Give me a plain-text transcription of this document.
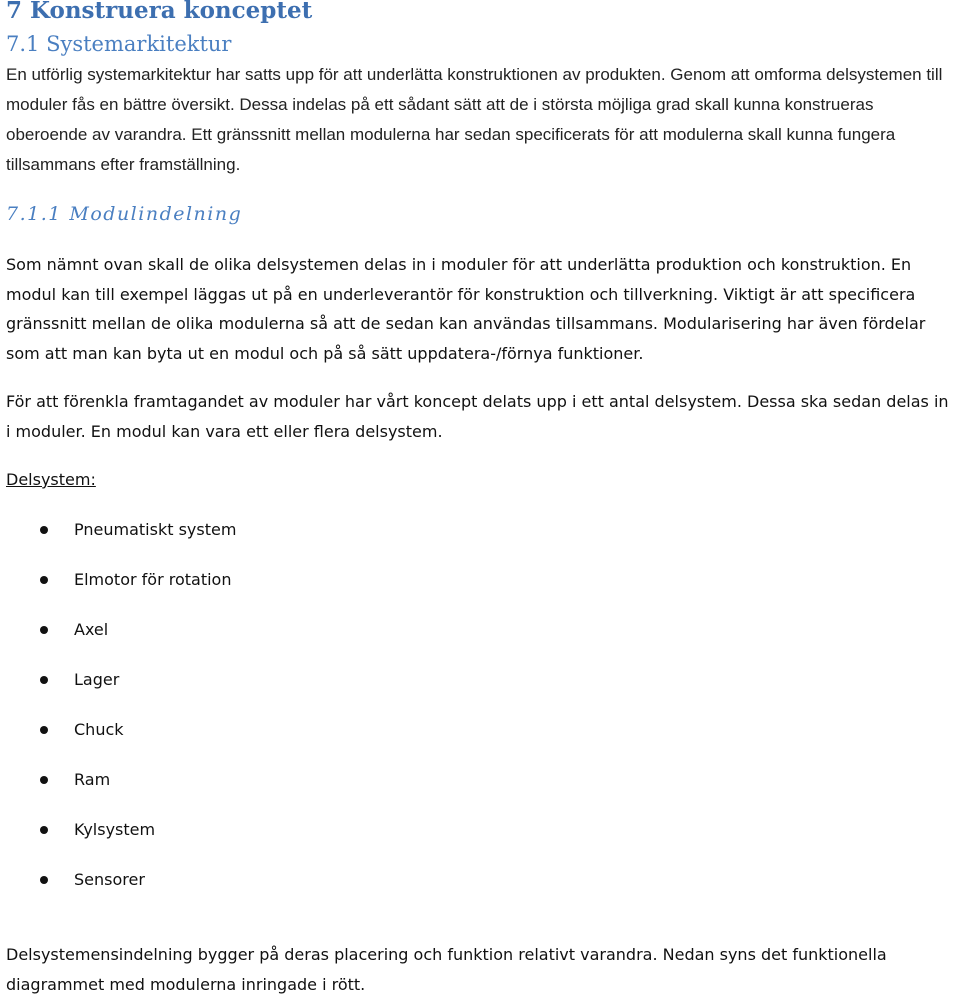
7 Konstruera konceptet
7.1 Systemarkitektur
En utförlig systemarkitektur har satts upp för att underlätta konstruktionen av produkten. Genom att omforma delsystemen till moduler fås en bättre översikt. Dessa indelas på ett sådant sätt att de i största möjliga grad skall kunna konstrueras oberoende av varandra. Ett gränssnitt mellan modulerna har sedan specificerats för att modulerna skall kunna fungera tillsammans efter framställning.
7.1.1 Modulindelning
Som nämnt ovan skall de olika delsystemen delas in i moduler för att underlätta produktion och konstruktion. En modul kan till exempel läggas ut på en underleverantör för konstruktion och tillverkning. Viktigt är att specificera gränssnitt mellan de olika modulerna så att de sedan kan användas tillsammans. Modularisering har även fördelar som att man kan byta ut en modul och på så sätt uppdatera-/förnya funktioner.
För att förenkla framtagandet av moduler har vårt koncept delats upp i ett antal delsystem. Dessa ska sedan delas in i moduler. En modul kan vara ett eller flera delsystem.
Delsystem:
Pneumatiskt system
Elmotor för rotation
Axel
Lager
Chuck
Ram
Kylsystem
Sensorer
Delsystemensindelning bygger på deras placering och funktion relativt varandra. Nedan syns det funktionella diagrammet med modulerna inringade i rött.
